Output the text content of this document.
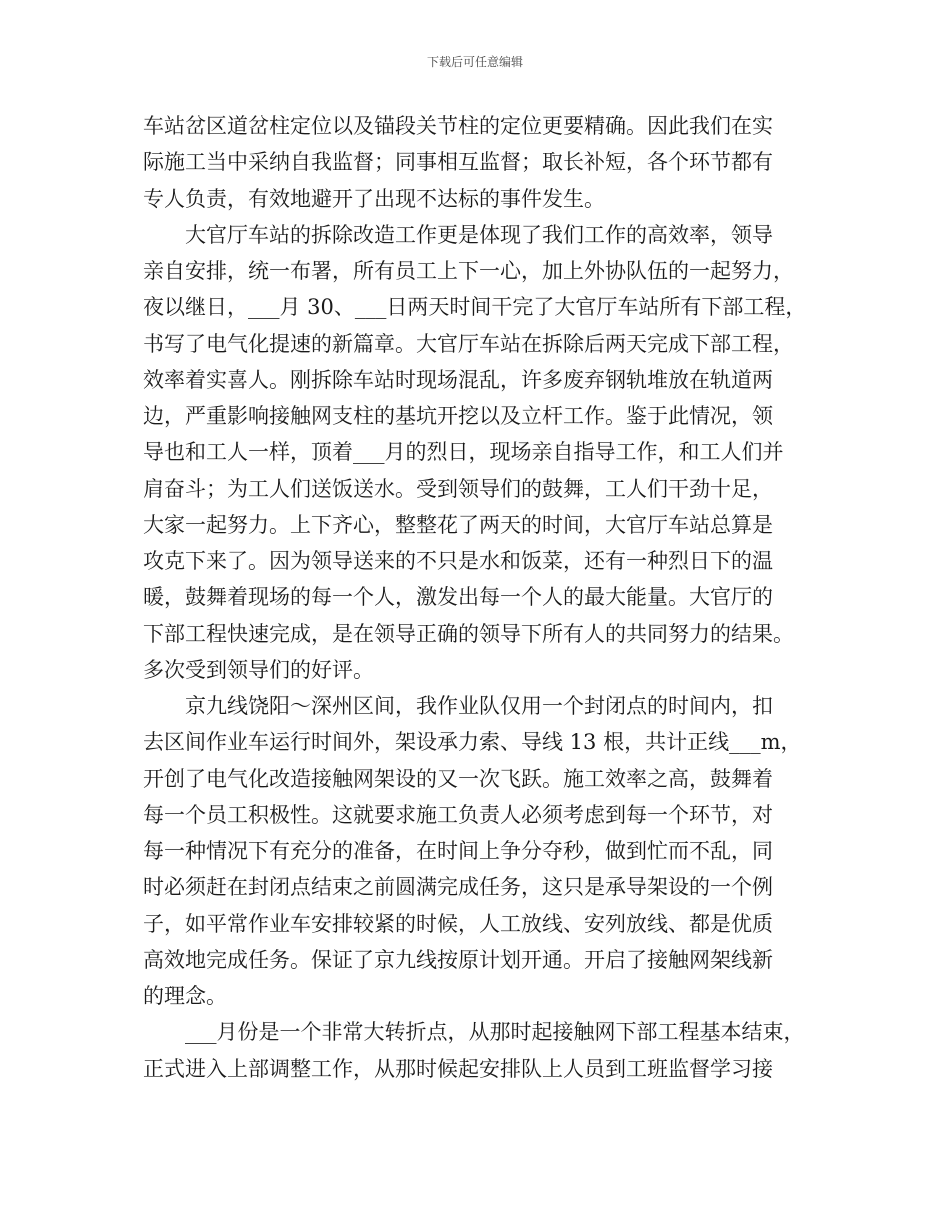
下载后可任意编辑
车站岔区道岔柱定位以及锚段关节柱的定位更要精确。因此我们在实
际施工当中采纳自我监督；同事相互监督；取长补短，各个环节都有
专人负责，有效地避开了出现不达标的事件发生。
大官厅车站的拆除改造工作更是体现了我们工作的高效率，领导
亲自安排，统一布署，所有员工上下一心，加上外协队伍的一起努力，
夜以继日，___月 30、___日两天时间干完了大官厅车站所有下部工程，
书写了电气化提速的新篇章。大官厅车站在拆除后两天完成下部工程，
效率着实喜人。刚拆除车站时现场混乱，许多废弃钢轨堆放在轨道两
边，严重影响接触网支柱的基坑开挖以及立杆工作。鉴于此情况，领
导也和工人一样，顶着___月的烈日，现场亲自指导工作，和工人们并
肩奋斗；为工人们送饭送水。受到领导们的鼓舞，工人们干劲十足，
大家一起努力。上下齐心，整整花了两天的时间，大官厅车站总算是
攻克下来了。因为领导送来的不只是水和饭菜，还有一种烈日下的温
暖，鼓舞着现场的每一个人，激发出每一个人的最大能量。大官厅的
下部工程快速完成，是在领导正确的领导下所有人的共同努力的结果。
多次受到领导们的好评。
京九线饶阳～深州区间，我作业队仅用一个封闭点的时间内，扣
去区间作业车运行时间外，架设承力索、导线 13 根，共计正线___m，
开创了电气化改造接触网架设的又一次飞跃。施工效率之高，鼓舞着
每一个员工积极性。这就要求施工负责人必须考虑到每一个环节，对
每一种情况下有充分的准备，在时间上争分夺秒，做到忙而不乱，同
时必须赶在封闭点结束之前圆满完成任务，这只是承导架设的一个例
子，如平常作业车安排较紧的时候，人工放线、安列放线、都是优质
高效地完成任务。保证了京九线按原计划开通。开启了接触网架线新
的理念。
___月份是一个非常大转折点，从那时起接触网下部工程基本结束，
正式进入上部调整工作，从那时候起安排队上人员到工班监督学习接
